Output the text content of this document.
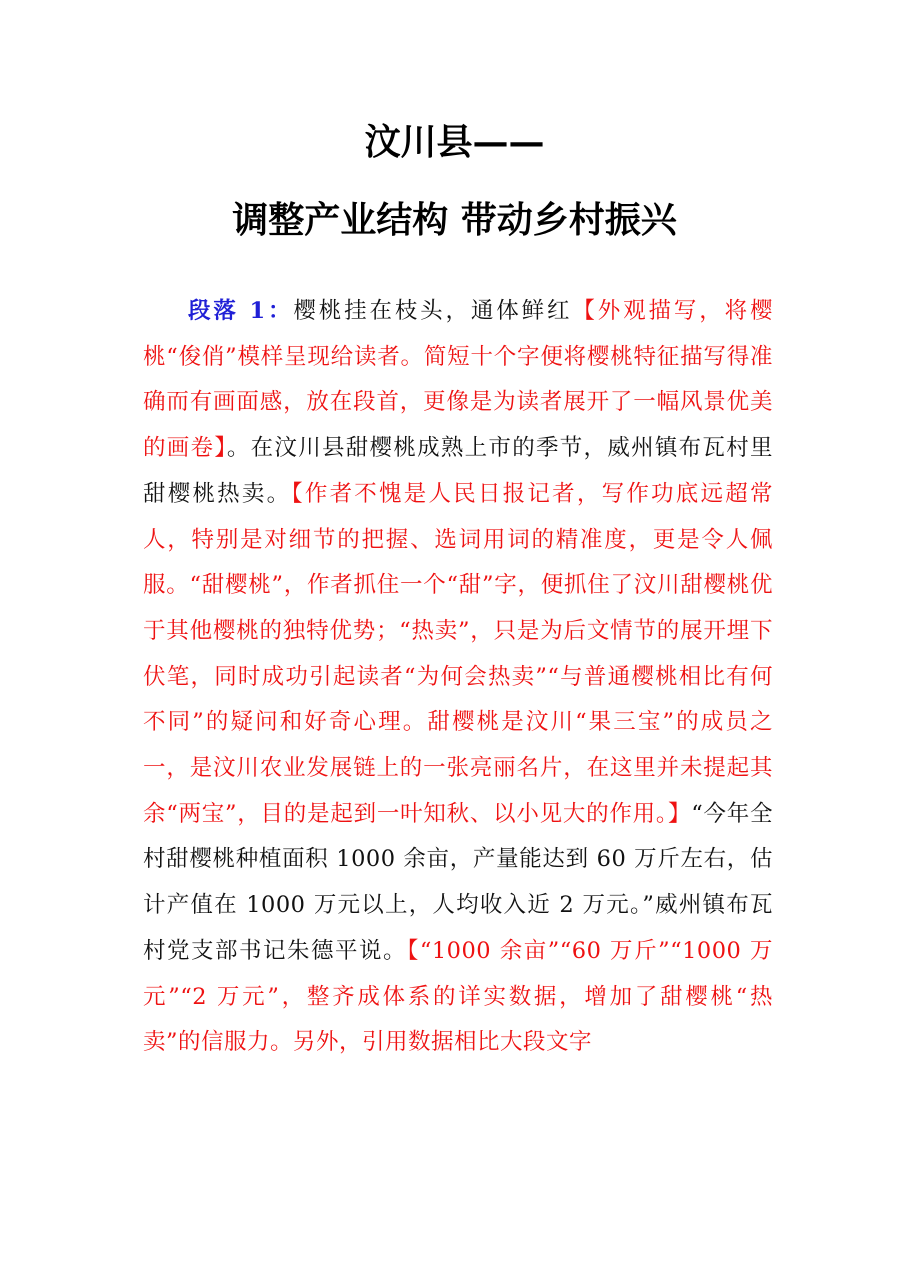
汶川县——
调整产业结构 带动乡村振兴

段落 1：樱桃挂在枝头，通体鲜红【外观描写，将樱桃“俊俏”模样呈现给读者。简短十个字便将樱桃特征描写得准确而有画面感，放在段首，更像是为读者展开了一幅风景优美的画卷】。在汶川县甜樱桃成熟上市的季节，威州镇布瓦村里甜樱桃热卖。【作者不愧是人民日报记者，写作功底远超常人，特别是对细节的把握、选词用词的精准度，更是令人佩服。“甜樱桃”，作者抓住一个“甜”字，便抓住了汶川甜樱桃优于其他樱桃的独特优势；“热卖”，只是为后文情节的展开埋下伏笔，同时成功引起读者“为何会热卖”“与普通樱桃相比有何不同”的疑问和好奇心理。甜樱桃是汶川“果三宝”的成员之一，是汶川农业发展链上的一张亮丽名片，在这里并未提起其余“两宝”，目的是起到一叶知秋、以小见大的作用。】“今年全村甜樱桃种植面积 1000 余亩，产量能达到 60 万斤左右，估计产值在 1000 万元以上，人均收入近 2 万元。”威州镇布瓦村党支部书记朱德平说。【“1000 余亩”“60 万斤”“1000 万元”“2 万元”，整齐成体系的详实数据，增加了甜樱桃“热卖”的信服力。另外，引用数据相比大段文字
